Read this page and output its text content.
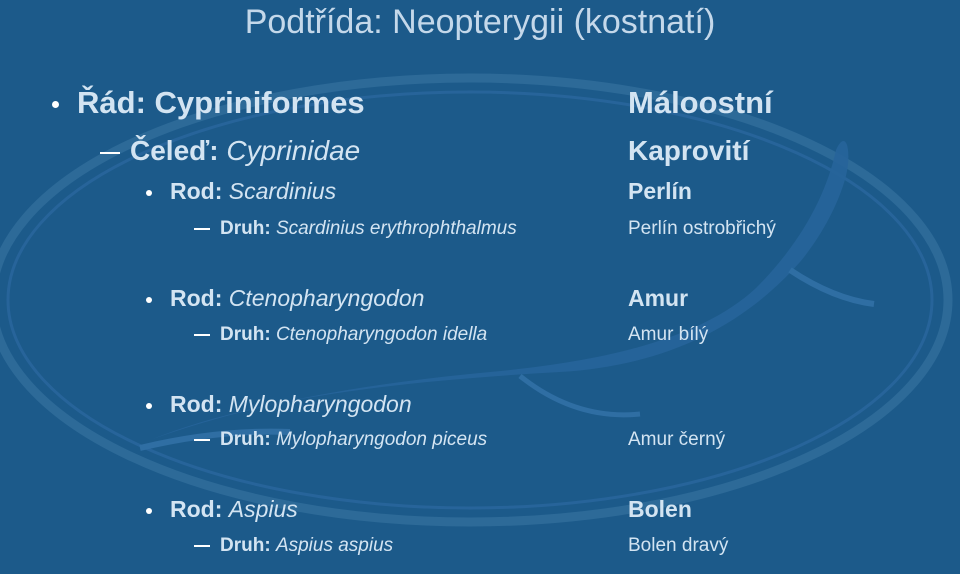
Podtřída: Neopterygii (kostnatí)
Řád: Cypriniformes	Máloostní
Čeleď: Cyprinidae	Kaprovití
Rod: Scardinius	Perlín
Druh: Scardinius erythrophthalmus	Perlín ostrobřichý
Rod: Ctenopharyngodon	Amur
Druh: Ctenopharyngodon idella	Amur bílý
Rod: Mylopharyngodon
Druh: Mylopharyngodon piceus	Amur černý
Rod: Aspius	Bolen
Druh: Aspius aspius	Bolen dravý
